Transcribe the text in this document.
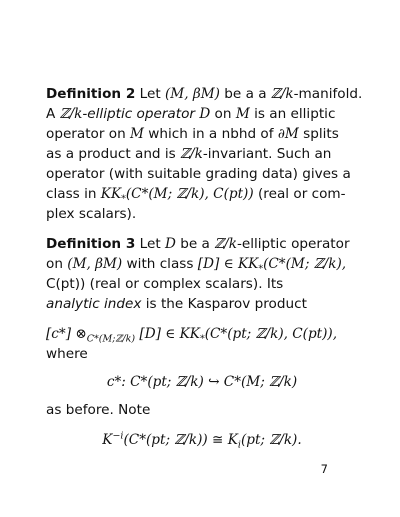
Definition 2 Let (M, βM) be a a ℤ/k-manifold.
A ℤ/k-elliptic operator D on M is an elliptic
operator on M which in a nbhd of ∂M splits
as a product and is ℤ/k-invariant. Such an
operator (with suitable grading data) gives a
class in $KK_*(C*(M$; ℤ/k), C(pt)) (real or com-
plex scalars).
Definition 3 Let D be a ℤ/k-elliptic operator
on (M, βM) with class [D] ∈ $KK_*(C*(M$; ℤ/k),
C(pt)) (real or complex scalars). Its
analytic index is the Kasparov product
[c*] $\otimes_{C*(M;ℤ/k)}$ [D] ∈ $KK_*(C*(pt$; ℤ/k), C(pt)),
where
c*: C*(pt; ℤ/k) ↪ C*(M; ℤ/k)
as before. Note
$K^{-i}(C*(pt$; ℤ/k)) ≅ $K_i(pt$; ℤ/k).
7
